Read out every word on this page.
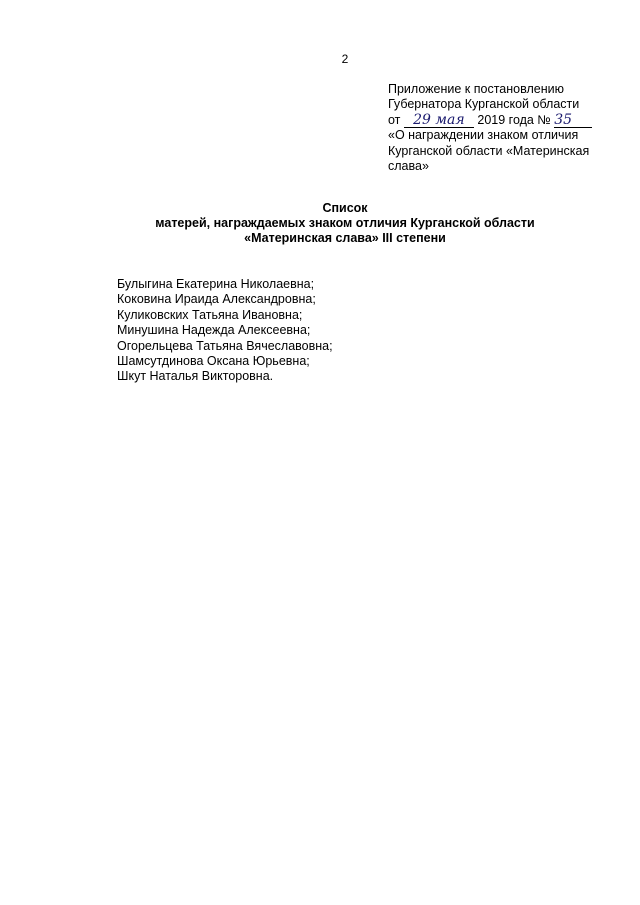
2
Приложение к постановлению
Губернатора Курганской области
от 29 мая 2019 года № 35
«О награждении знаком отличия
Курганской области «Материнская
слава»
Список
матерей, награждаемых знаком отличия Курганской области
«Материнская слава» III степени
Булыгина Екатерина Николаевна;
Коковина Ираида Александровна;
Куликовских Татьяна Ивановна;
Минушина Надежда Алексеевна;
Огорельцева Татьяна Вячеславовна;
Шамсутдинова Оксана Юрьевна;
Шкут Наталья Викторовна.
